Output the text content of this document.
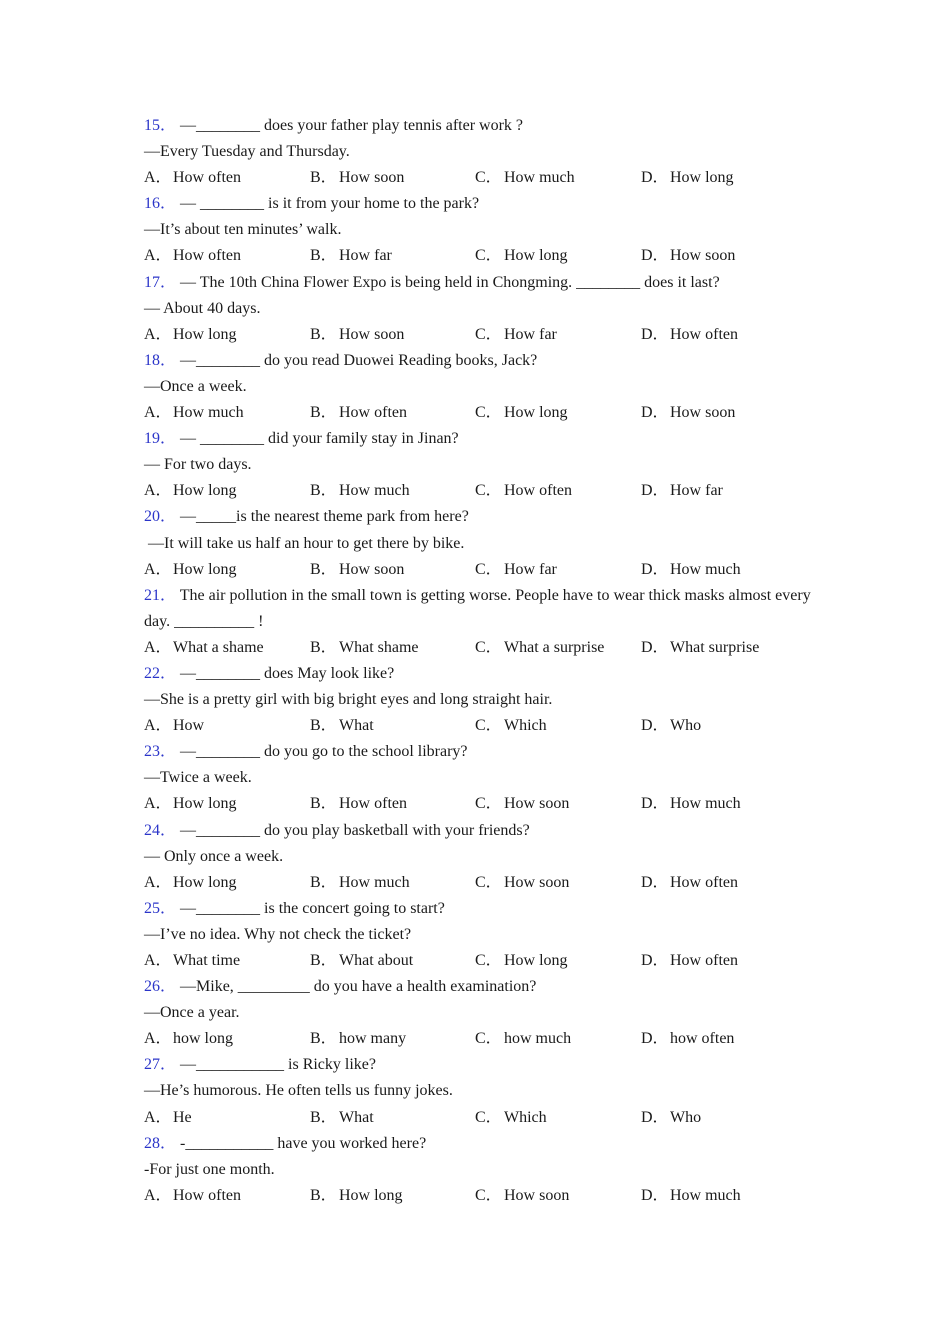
15． —________ does your father play tennis after work ?
—Every Tuesday and Thursday.
A．How often	B． How soon	C． How much	D．How long
16． — ________ is it from your home to the park?
—It’s about ten minutes’ walk.
A．How often	B． How far	C． How long	D．How soon
17． — The 10th China Flower Expo is being held in Chongming. ________ does it last?
— About 40 days.
A．How long	B． How soon	C． How far	D．How often
18． —________ do you read Duowei Reading books, Jack?
—Once a week.
A．How much	B． How often	C． How long	D．How soon
19． — ________ did your family stay in Jinan?
— For two days.
A．How long	B． How much	C． How often	D．How far
20． —_____is the nearest theme park from here?
—It will take us half an hour to get there by bike.
A．How long	B． How soon	C． How far	D．How much
21． The air pollution in the small town is getting worse. People have to wear thick masks almost every day. __________ !
A．What a shame	B． What shame	C． What a surprise D．What surprise
22． —________ does May look like?
—She is a pretty girl with big bright eyes and long straight hair.
A．How	B． What	C． Which	D．Who
23． —________ do you go to the school library?
—Twice a week.
A．How long	B． How often	C． How soon	D．How much
24． —________ do you play basketball with your friends?
— Only once a week.
A．How long	B． How much	C． How soon	D．How often
25． —________ is the concert going to start?
—I’ve no idea. Why not check the ticket?
A．What time	B． What about	C． How long	D．How often
26． —Mike, _________ do you have a health examination?
—Once a year.
A．how long	B． how many	C． how much	D．how often
27． —___________ is Ricky like?
—He’s humorous. He often tells us funny jokes.
A．He	B． What	C． Which	D．Who
28． -___________ have you worked here?
-For just one month.
A．How often	B． How long	C． How soon	D．How much
